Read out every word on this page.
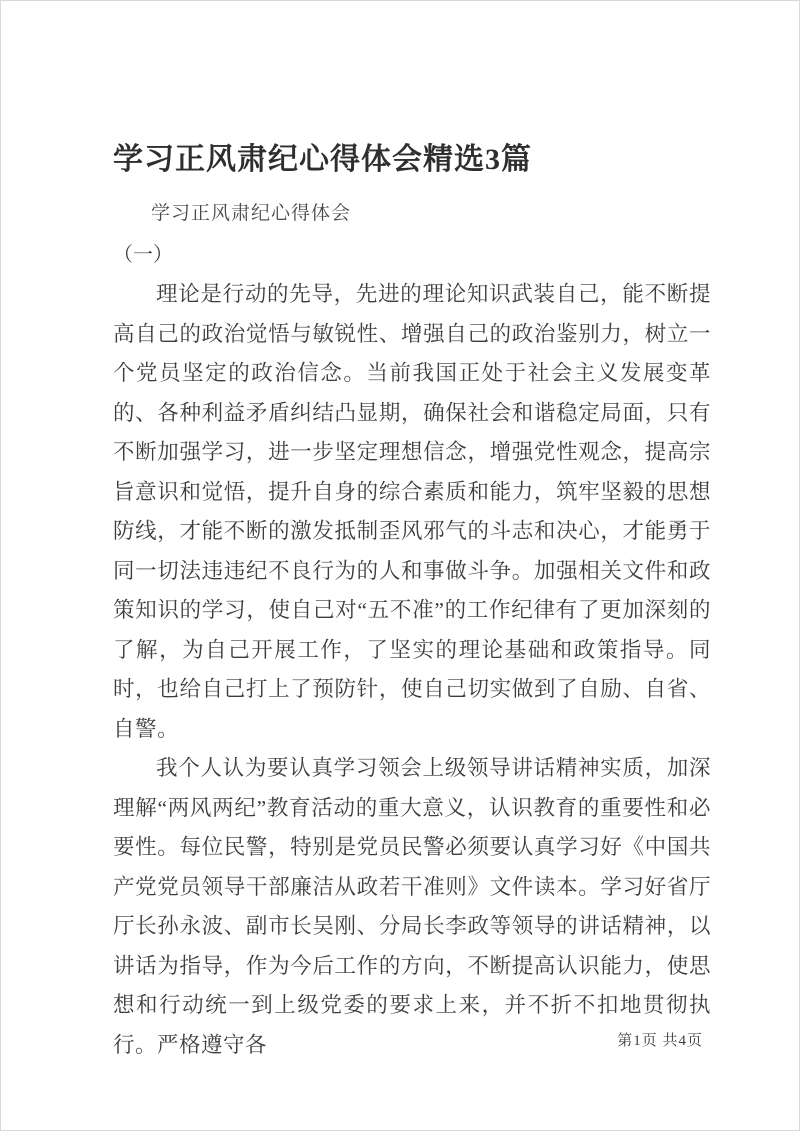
学习正风肃纪心得体会精选3篇
学习正风肃纪心得体会
（一）

理论是行动的先导，先进的理论知识武装自己，能不断提高自己的政治觉悟与敏锐性、增强自己的政治鉴别力，树立一个党员坚定的政治信念。当前我国正处于社会主义发展变革的、各种利益矛盾纠结凸显期，确保社会和谐稳定局面，只有不断加强学习，进一步坚定理想信念，增强党性观念，提高宗旨意识和觉悟，提升自身的综合素质和能力，筑牢坚毅的思想防线，才能不断的激发抵制歪风邪气的斗志和决心，才能勇于同一切法违违纪不良行为的人和事做斗争。加强相关文件和政策知识的学习，使自己对“五不准”的工作纪律有了更加深刻的了解，为自己开展工作，了坚实的理论基础和政策指导。同时，也给自己打上了预防针，使自己切实做到了自励、自省、自警。

我个人认为要认真学习领会上级领导讲话精神实质，加深理解“两风两纪”教育活动的重大意义，认识教育的重要性和必要性。每位民警，特别是党员民警必须要认真学习好《中国共产党党员领导干部廉洁从政若干准则》文件读本。学习好省厅厅长孙永波、副市长吴刚、分局长李政等领导的讲话精神，以讲话为指导，作为今后工作的方向，不断提高认识能力，使思想和行动统一到上级党委的要求上来，并不折不扣地贯彻执行。严格遵守各	第1页 共4页
